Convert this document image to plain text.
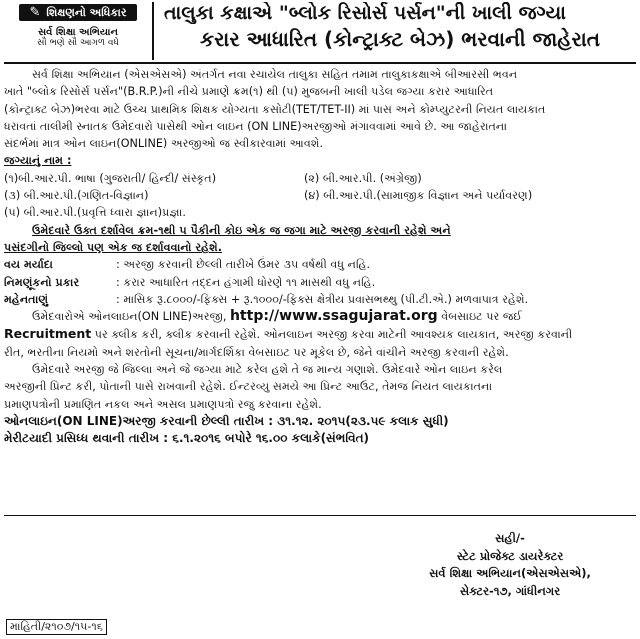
✎ શિક્ષણનો અધિકાર
સર્વ શિક્ષા અભિયાન
સૌ ભણે સૌ આગળ વધે
તાલુકા કક્ષાએ "બ્લોક રિસોર્સ પર્સન"ની ખાલી જગ્યા
કરાર આધારિત (કોન્ટ્રાક્ટ બેઝ) ભરવાની જાહેરાત

સર્વ શિક્ષા અભિયાન (એસએસએ) અંતર્ગત નવા રચાયેલ તાલુકા સહિત તમામ તાલુકાકક્ષાએ બીઆરસી ભવન

ખાતે "બ્લોક રિસોર્સ પર્સન"(B.R.P.)ની નીચે પ્રમાણે ક્રમ(૧) થી (૫) મુજબની ખાલી પડેલ જગ્યા કરાર આધારિત

(કોન્ટ્રાક્ટ બેઝ)ભરવા માટે ઉચ્ચ પ્રાથમિક શિક્ષક યોગ્યતા કસોટી(TET/TET-II) માં પાસ અને કોમ્પ્યુટરની નિયત લાયકાત

ધરાવતાં તાલીમી સ્નાતક ઉમેદવારો પાસેથી ઓન લાઇન (ON LINE)અરજીઓ મંગાવવામાં આવે છે. આ જાહેરાતના

સંદર્ભમાં માત્ર ઓન લાઇન(ONLINE) અરજીઓ જ સ્વીકારવામાં આવશે.

જગ્યાનું નામ :

(૧)બી.આર.પી. ભાષા (ગુજરાતી/ હિન્દી/ સંસ્કૃત)	(૨) બી.આર.પી. (અંગ્રેજી)
(૩) બી.આર.પી.(ગણિત-વિજ્ઞાન)	(૪) બી.આર.પી.(સામાજીક વિજ્ઞાન અને પર્યાવરણ)
(૫) બી.આર.પી.(પ્રવૃત્તિ ધ્વારા જ્ઞાન)પ્રજ્ઞા.

ઉમેદવારે ઉક્ત દર્શાવેલ ક્રમ-૧થી ૫ પૈકીની કોઇ એક જ જગા માટે અરજી કરવાની રહેશે અને

પસંદગીનો જિલ્લો પણ એક જ દર્શાવવાનો રહેશે.

વય મર્યાદા	: અરજી કરવાની છેલ્લી તારીખે ઉંમર ૩૫ વર્ષથી વધુ નહિ.
નિમણૂંકનો પ્રકાર	: કરાર આધારિત તદ્દન હંગામી ધોરણે ૧૧ માસથી વધુ નહિ.
મહેનતાણું	: માસિક રૂ.૮૦૦૦/-ફિક્સ + રૂ.૧૦૦૦/-ફિક્સ ક્ષેત્રીય પ્રવાસભથ્થુ (પી.ટી.એ.) મળવાપાત્ર રહેશે.

ઉમેદવારોએ ઓનલાઇન(ON LINE)અરજી, http://www.ssagujarat.org વેબસાઇટ પર જઈ

Recruitment પર ક્લીક કરી, ક્લીક કરવાની રહેશે. ઓનલાઇન અરજી કરવા માટેની આવશ્યક લાયકાત, અરજી કરવાની

રીત, ભરતીના નિયમો અને શરતોની સૂચના/માર્ગદર્શિકા વેબસાઇટ પર મૂકેલ છે, જેને વાંચીને અરજી કરવાની રહેશે.

ઉમેદવારે અરજી જે જિલ્લા અને જે જગ્યા માટે કરેલ હશે તે જ માન્ય ગણાશે. ઉમેદવારે ઓન લાઇન કરેલ

અરજીની પ્રિન્ટ કરી, પોતાની પાસે રાખવાની રહેશે. ઈન્ટરવ્યુ સમયે આ પ્રિન્ટ આઉટ, તેમજ નિયત લાયકાતના

પ્રમાણપત્રોની પ્રમાણિત નકલ અને અસલ પ્રમાણપત્રો રજુ કરવાના રહેશે.

ઓનલાઇન(ON LINE)અરજી કરવાની છેલ્લી તારીખ : ૩૧.૧૨. ૨૦૧૫(૨૩.૫૯ કલાક સુધી)

મેરીટયાદી પ્રસિધ્ધ થવાની તારીખ : ૬.૧.૨૦૧૬ બપોરે ૧૬.૦૦ કલાકે(સંભવિત)

સહી/-
સ્ટેટ પ્રોજેક્ટ ડાયરેક્ટર
સર્વ શિક્ષા અભિયાન(એસએસએ),
સેક્ટર-૧૭, ગાંધીનગર
માહિતી/૨૧૦૭/૧૫-૧૬
